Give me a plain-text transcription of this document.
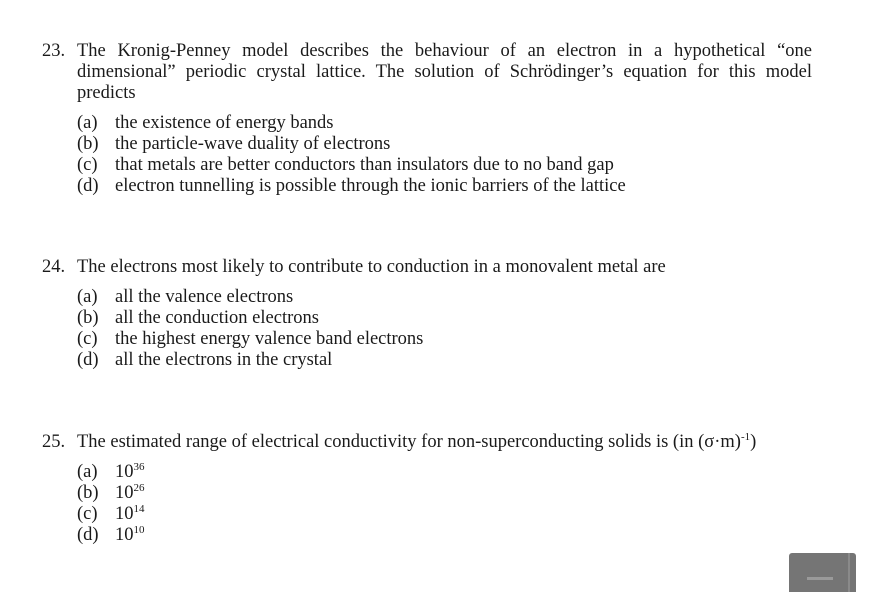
23. The Kronig-Penney model describes the behaviour of an electron in a hypothetical “one dimensional” periodic crystal lattice. The solution of Schrödinger’s equation for this model predicts
(a) the existence of energy bands
(b) the particle-wave duality of electrons
(c) that metals are better conductors than insulators due to no band gap
(d) electron tunnelling is possible through the ionic barriers of the lattice
24. The electrons most likely to contribute to conduction in a monovalent metal are
(a) all the valence electrons
(b) all the conduction electrons
(c) the highest energy valence band electrons
(d) all the electrons in the crystal
25. The estimated range of electrical conductivity for non-superconducting solids is (in $(\sigma\cdot m)^{-1}$)
(a) $10^{36}$
(b) $10^{26}$
(c) $10^{14}$
(d) $10^{10}$
